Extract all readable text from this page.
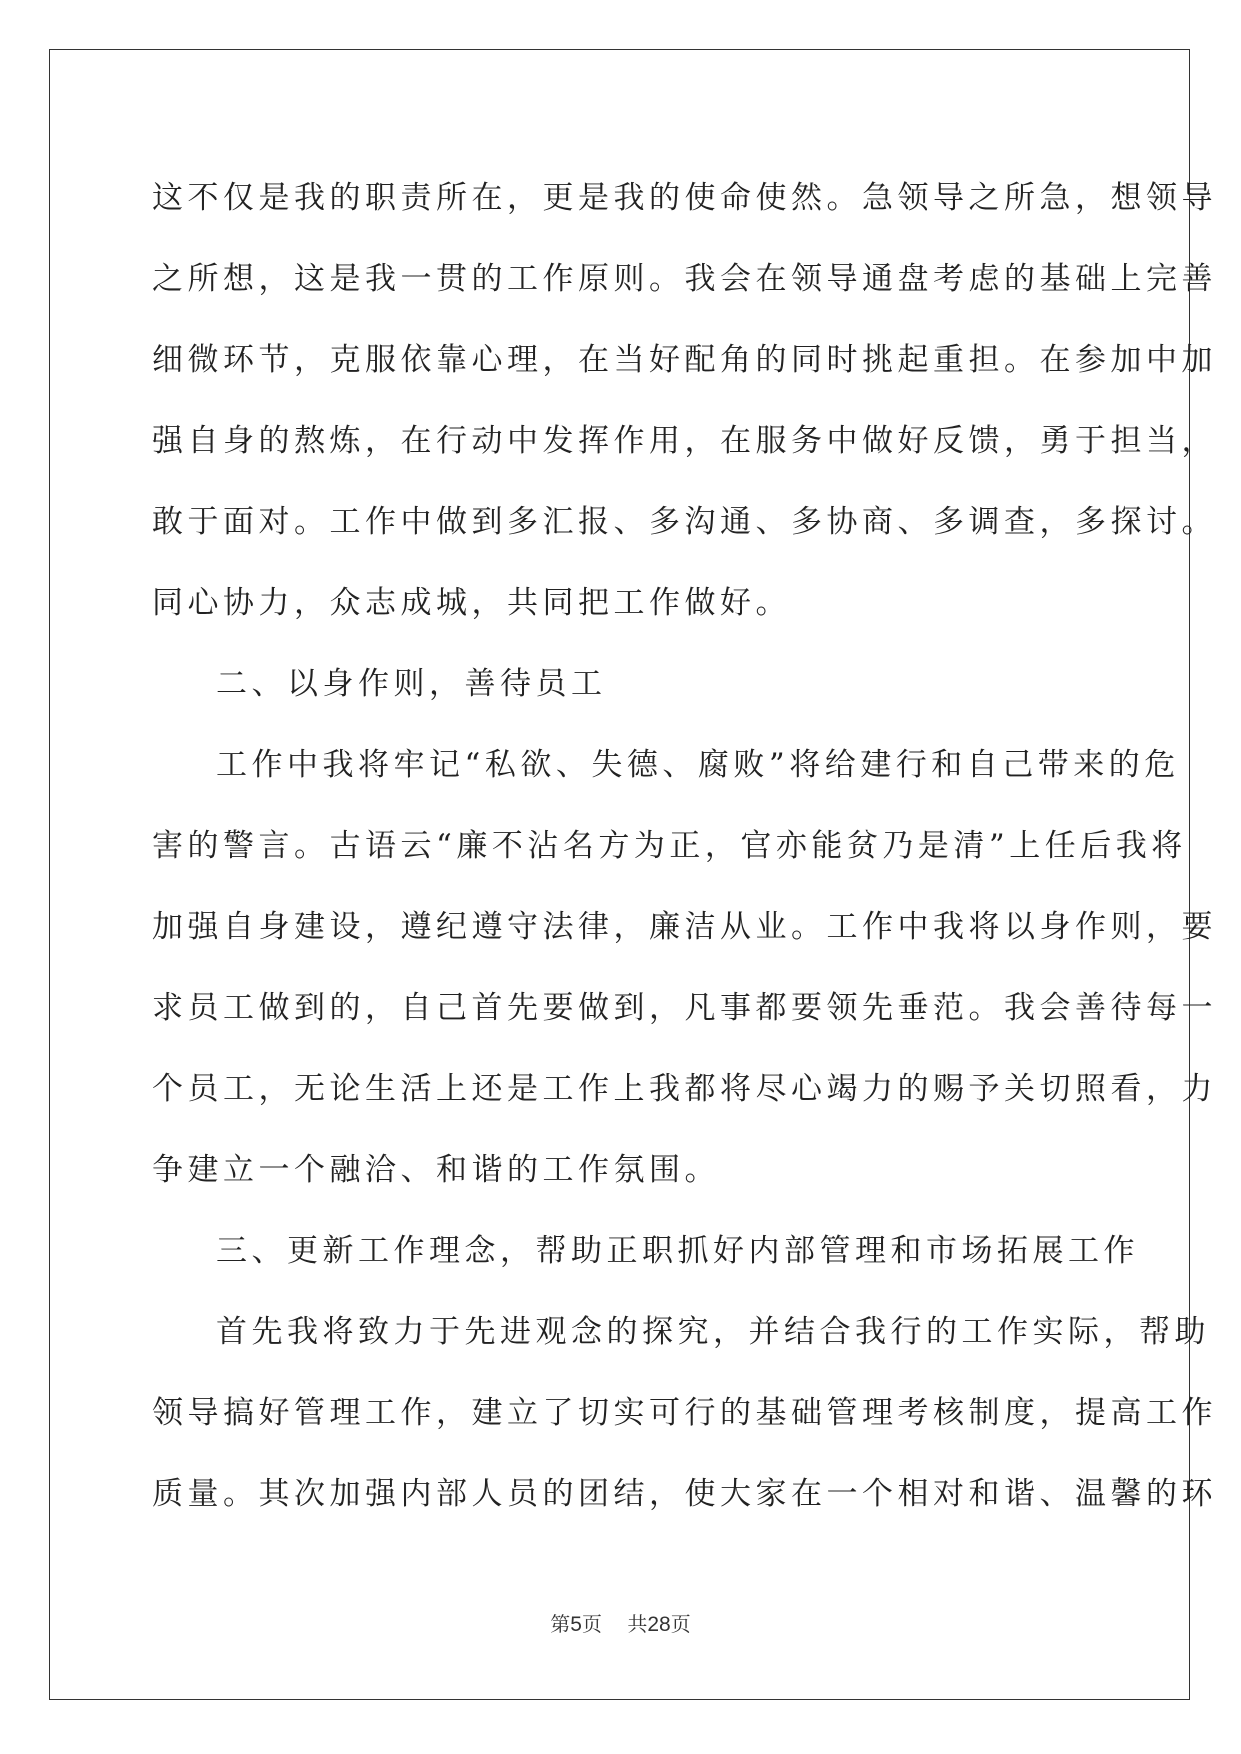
这不仅是我的职责所在，更是我的使命使然。急领导之所急，想领导
之所想，这是我一贯的工作原则。我会在领导通盘考虑的基础上完善
细微环节，克服依靠心理，在当好配角的同时挑起重担。在参加中加
强自身的熬炼，在行动中发挥作用，在服务中做好反馈，勇于担当，
敢于面对。工作中做到多汇报、多沟通、多协商、多调查，多探讨。
同心协力，众志成城，共同把工作做好。
二、以身作则，善待员工
工作中我将牢记“私欲、失德、腐败”将给建行和自己带来的危
害的警言。古语云“廉不沾名方为正，官亦能贫乃是清”上任后我将
加强自身建设，遵纪遵守法律，廉洁从业。工作中我将以身作则，要
求员工做到的，自己首先要做到，凡事都要领先垂范。我会善待每一
个员工，无论生活上还是工作上我都将尽心竭力的赐予关切照看，力
争建立一个融洽、和谐的工作氛围。
三、更新工作理念，帮助正职抓好内部管理和市场拓展工作
首先我将致力于先进观念的探究，并结合我行的工作实际，帮助
领导搞好管理工作，建立了切实可行的基础管理考核制度，提高工作
质量。其次加强内部人员的团结，使大家在一个相对和谐、温馨的环
第5页 共28页
